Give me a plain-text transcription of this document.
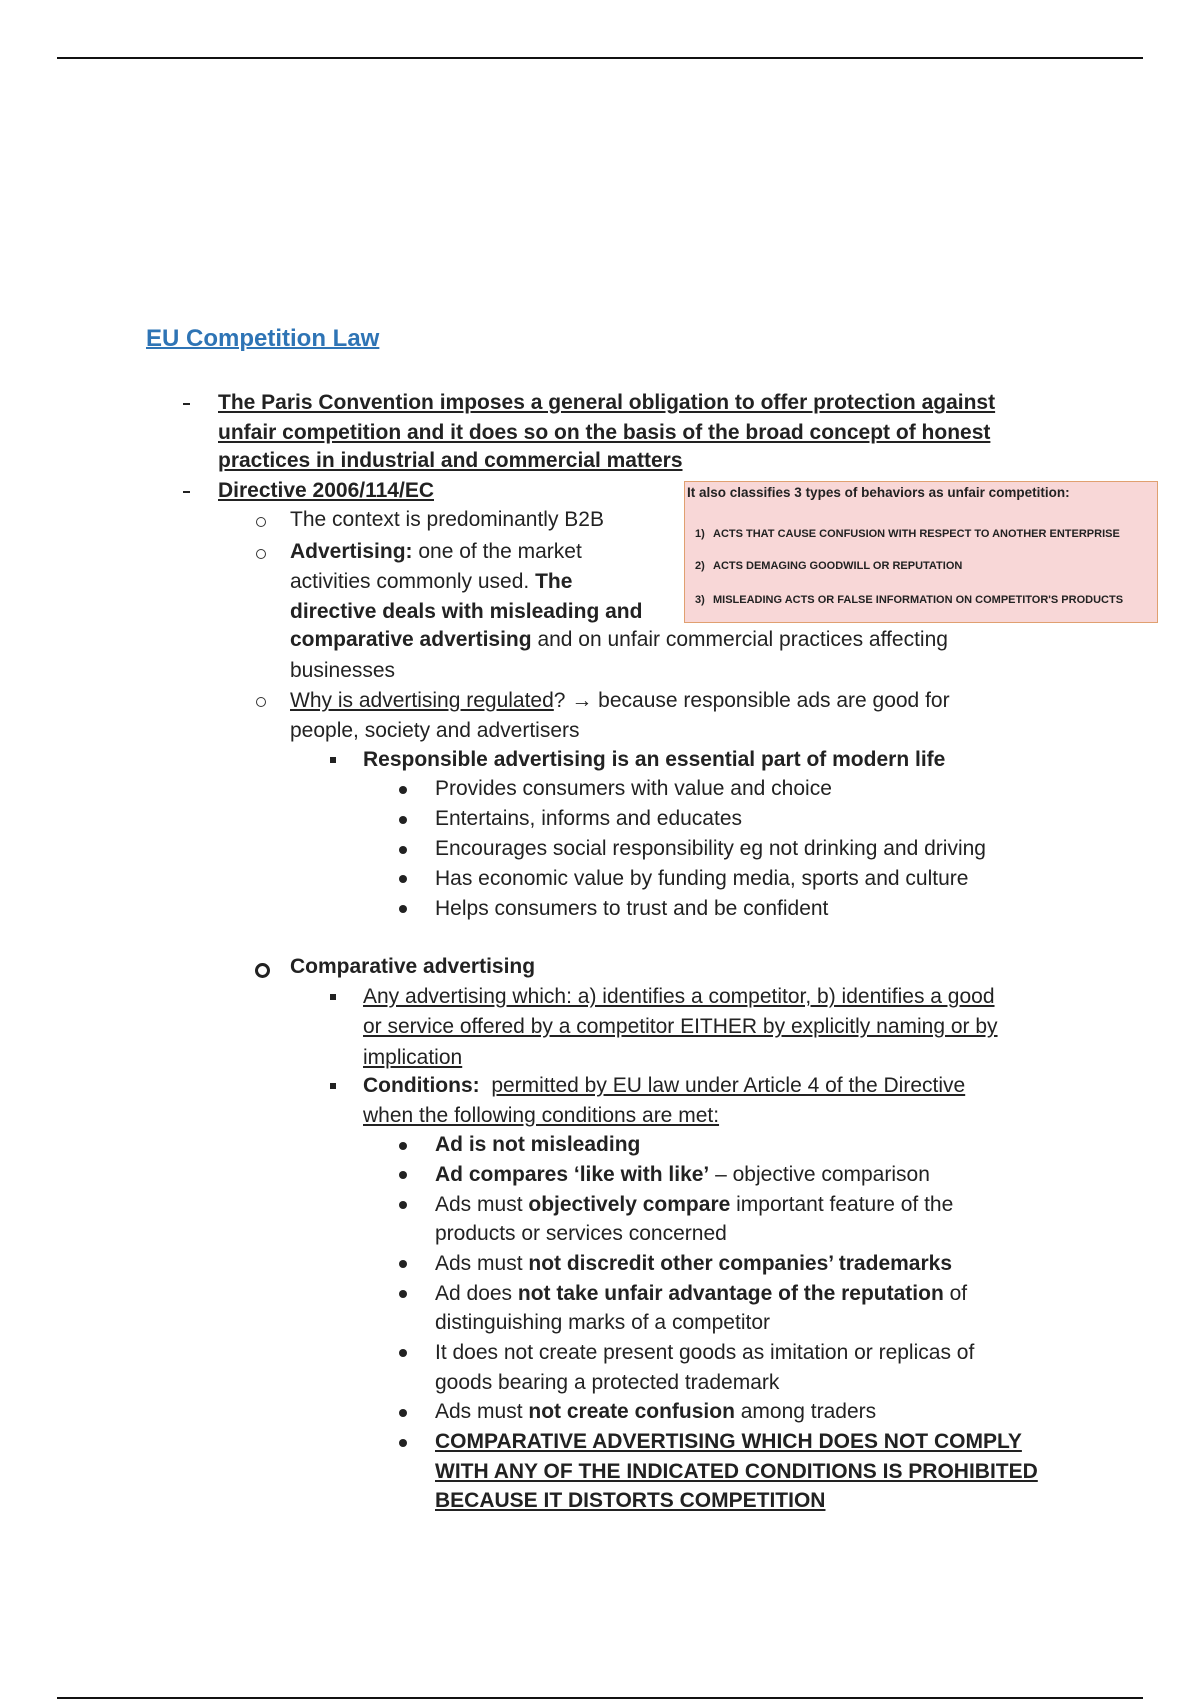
EU Competition Law
The Paris Convention imposes a general obligation to offer protection against
unfair competition and it does so on the basis of the broad concept of honest
practices in industrial and commercial matters
Directive 2006/114/EC
The context is predominantly B2B
Advertising: one of the market
activities commonly used. The
directive deals with misleading and
comparative advertising and on unfair commercial practices affecting
businesses
Why is advertising regulated? → because responsible ads are good for
people, society and advertisers
Responsible advertising is an essential part of modern life
Provides consumers with value and choice
Entertains, informs and educates
Encourages social responsibility eg not drinking and driving
Has economic value by funding media, sports and culture
Helps consumers to trust and be confident
Comparative advertising
Any advertising which: a) identifies a competitor, b) identifies a good
or service offered by a competitor EITHER by explicitly naming or by
implication
Conditions: permitted by EU law under Article 4 of the Directive
when the following conditions are met:
Ad is not misleading
Ad compares ‘like with like’ – objective comparison
Ads must objectively compare important feature of the
products or services concerned
Ads must not discredit other companies’ trademarks
Ad does not take unfair advantage of the reputation of
distinguishing marks of a competitor
It does not create present goods as imitation or replicas of
goods bearing a protected trademark
Ads must not create confusion among traders
COMPARATIVE ADVERTISING WHICH DOES NOT COMPLY
WITH ANY OF THE INDICATED CONDITIONS IS PROHIBITED
BECAUSE IT DISTORTS COMPETITION
It also classifies 3 types of behaviors as unfair competition:
1) ACTS THAT CAUSE CONFUSION WITH RESPECT TO ANOTHER ENTERPRISE
2) ACTS DEMAGING GOODWILL OR REPUTATION
3) MISLEADING ACTS OR FALSE INFORMATION ON COMPETITOR'S PRODUCTS
